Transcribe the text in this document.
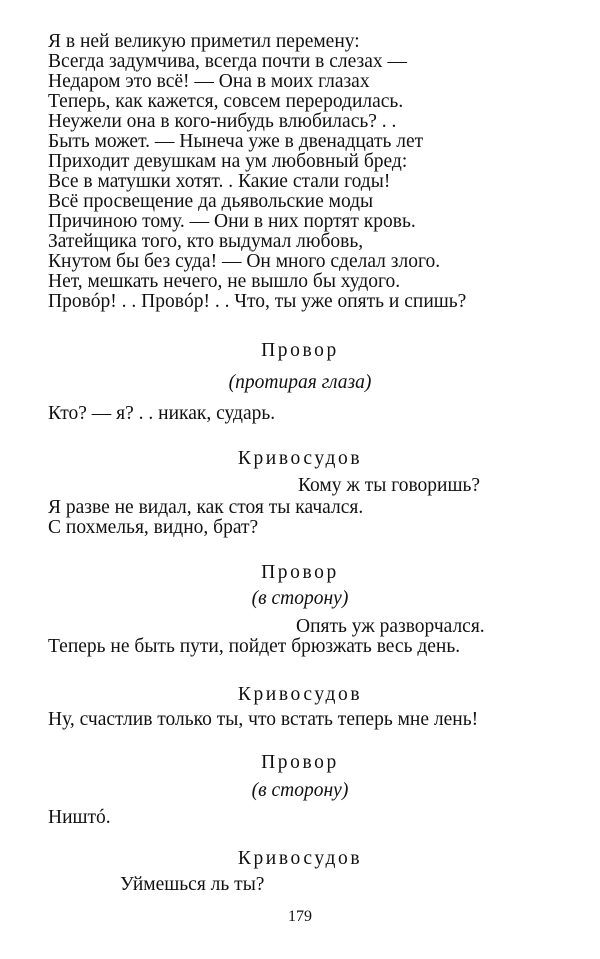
Я в ней великую приметил перемену:
Всегда задумчива, всегда почти в слезах —
Недаром это всё! — Она в моих глазах
Теперь, как кажется, совсем переродилась.
Неужели она в кого-нибудь влюбилась? . .
Быть может. — Нынеча уже в двенадцать лет
Приходит девушкам на ум любовный бред:
Все в матушки хотят. . Какие стали годы!
Всё просвещение да дьявольские моды
Причиною тому. — Они в них портят кровь.
Затейщика того, кто выдумал любовь,
Кнутом бы без суда! — Он много сделал злого.
Нет, мешкать нечего, не вышло бы худого.
Провóр! . . Провóр! . . Что, ты уже опять и спишь?
Провор
(протирая глаза)
Кто? — я? . . никак, сударь.
Кривосудов
Кому ж ты говоришь?
Я разве не видал, как стоя ты качался.
С похмелья, видно, брат?
Провор
(в сторону)
Опять уж разворчался.
Теперь не быть пути, пойдет брюзжать весь день.
Кривосудов
Ну, счастлив только ты, что встать теперь мне лень!
Провор
(в сторону)
Ништó.
Кривосудов
Уймешься ль ты?
179
